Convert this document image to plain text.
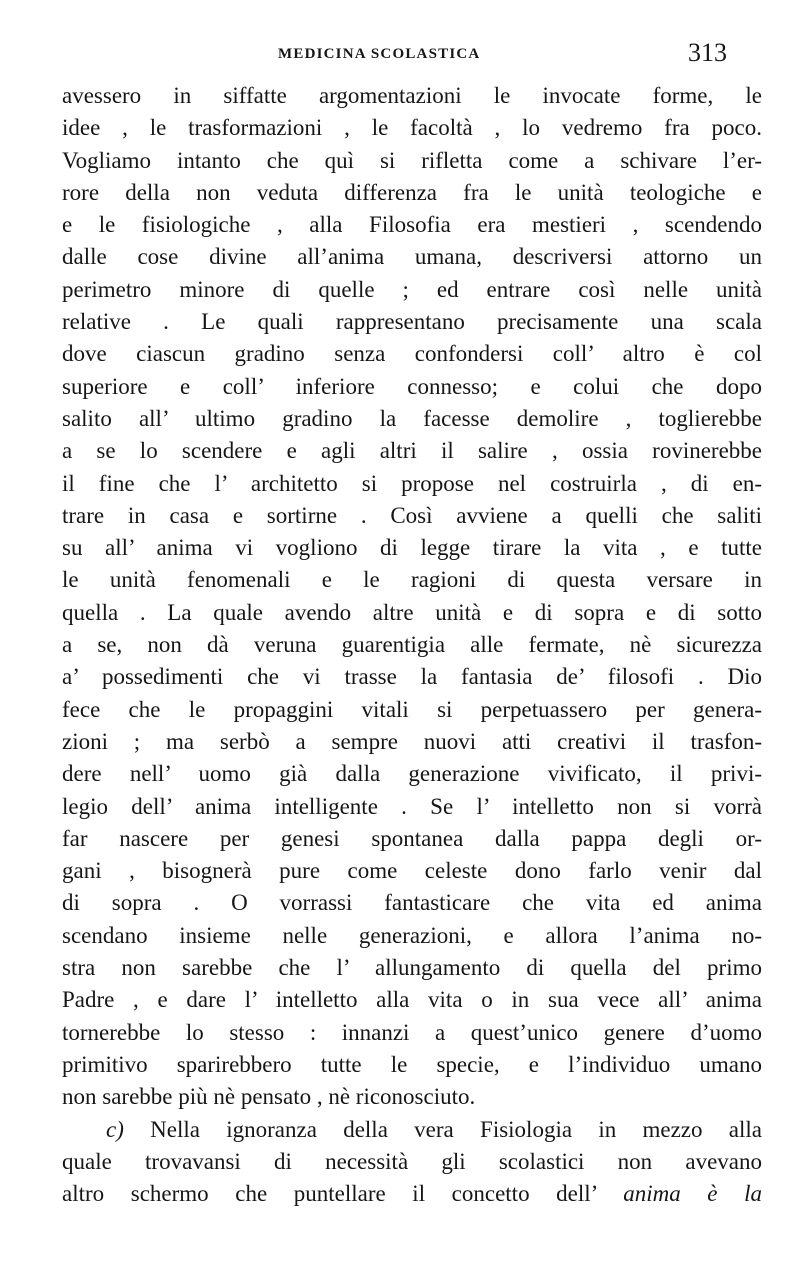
MEDICINA SCOLASTICA	313
avessero in siffatte argomentazioni le invocate forme, le
idee , le trasformazioni , le facoltà , lo vedremo fra poco.
Vogliamo intanto che quì si rifletta come a schivare l’er-
rore della non veduta differenza fra le unità teologiche e
e le fisiologiche , alla Filosofia era mestieri , scendendo
dalle cose divine all’anima umana, descriversi attorno un
perimetro minore di quelle ; ed entrare così nelle unità
relative . Le quali rappresentano precisamente una scala
dove ciascun gradino senza confondersi coll’ altro è col
superiore e coll’ inferiore connesso; e colui che dopo
salito all’ ultimo gradino la facesse demolire , toglierebbe
a se lo scendere e agli altri il salire , ossia rovinerebbe
il fine che l’ architetto si propose nel costruirla , di en-
trare in casa e sortirne . Così avviene a quelli che saliti
su all’ anima vi vogliono di legge tirare la vita , e tutte
le unità fenomenali e le ragioni di questa versare in
quella . La quale avendo altre unità e di sopra e di sotto
a se, non dà veruna guarentigia alle fermate, nè sicurezza
a’ possedimenti che vi trasse la fantasia de’ filosofi . Dio
fece che le propaggini vitali si perpetuassero per genera-
zioni ; ma serbò a sempre nuovi atti creativi il trasfon-
dere nell’ uomo già dalla generazione vivificato, il privi-
legio dell’ anima intelligente . Se l’ intelletto non si vorrà
far nascere per genesi spontanea dalla pappa degli or-
gani , bisognerà pure come celeste dono farlo venir dal
di sopra . O vorrassi fantasticare che vita ed anima
scendano insieme nelle generazioni, e allora l’anima no-
stra non sarebbe che l’ allungamento di quella del primo
Padre , e dare l’ intelletto alla vita o in sua vece all’ anima
tornerebbe lo stesso : innanzi a quest’unico genere d’uomo
primitivo sparirebbero tutte le specie, e l’individuo umano
non sarebbe più nè pensato , nè riconosciuto.
c) Nella ignoranza della vera Fisiologia in mezzo alla
quale trovavansi di necessità gli scolastici non avevano
altro schermo che puntellare il concetto dell’ anima è la
